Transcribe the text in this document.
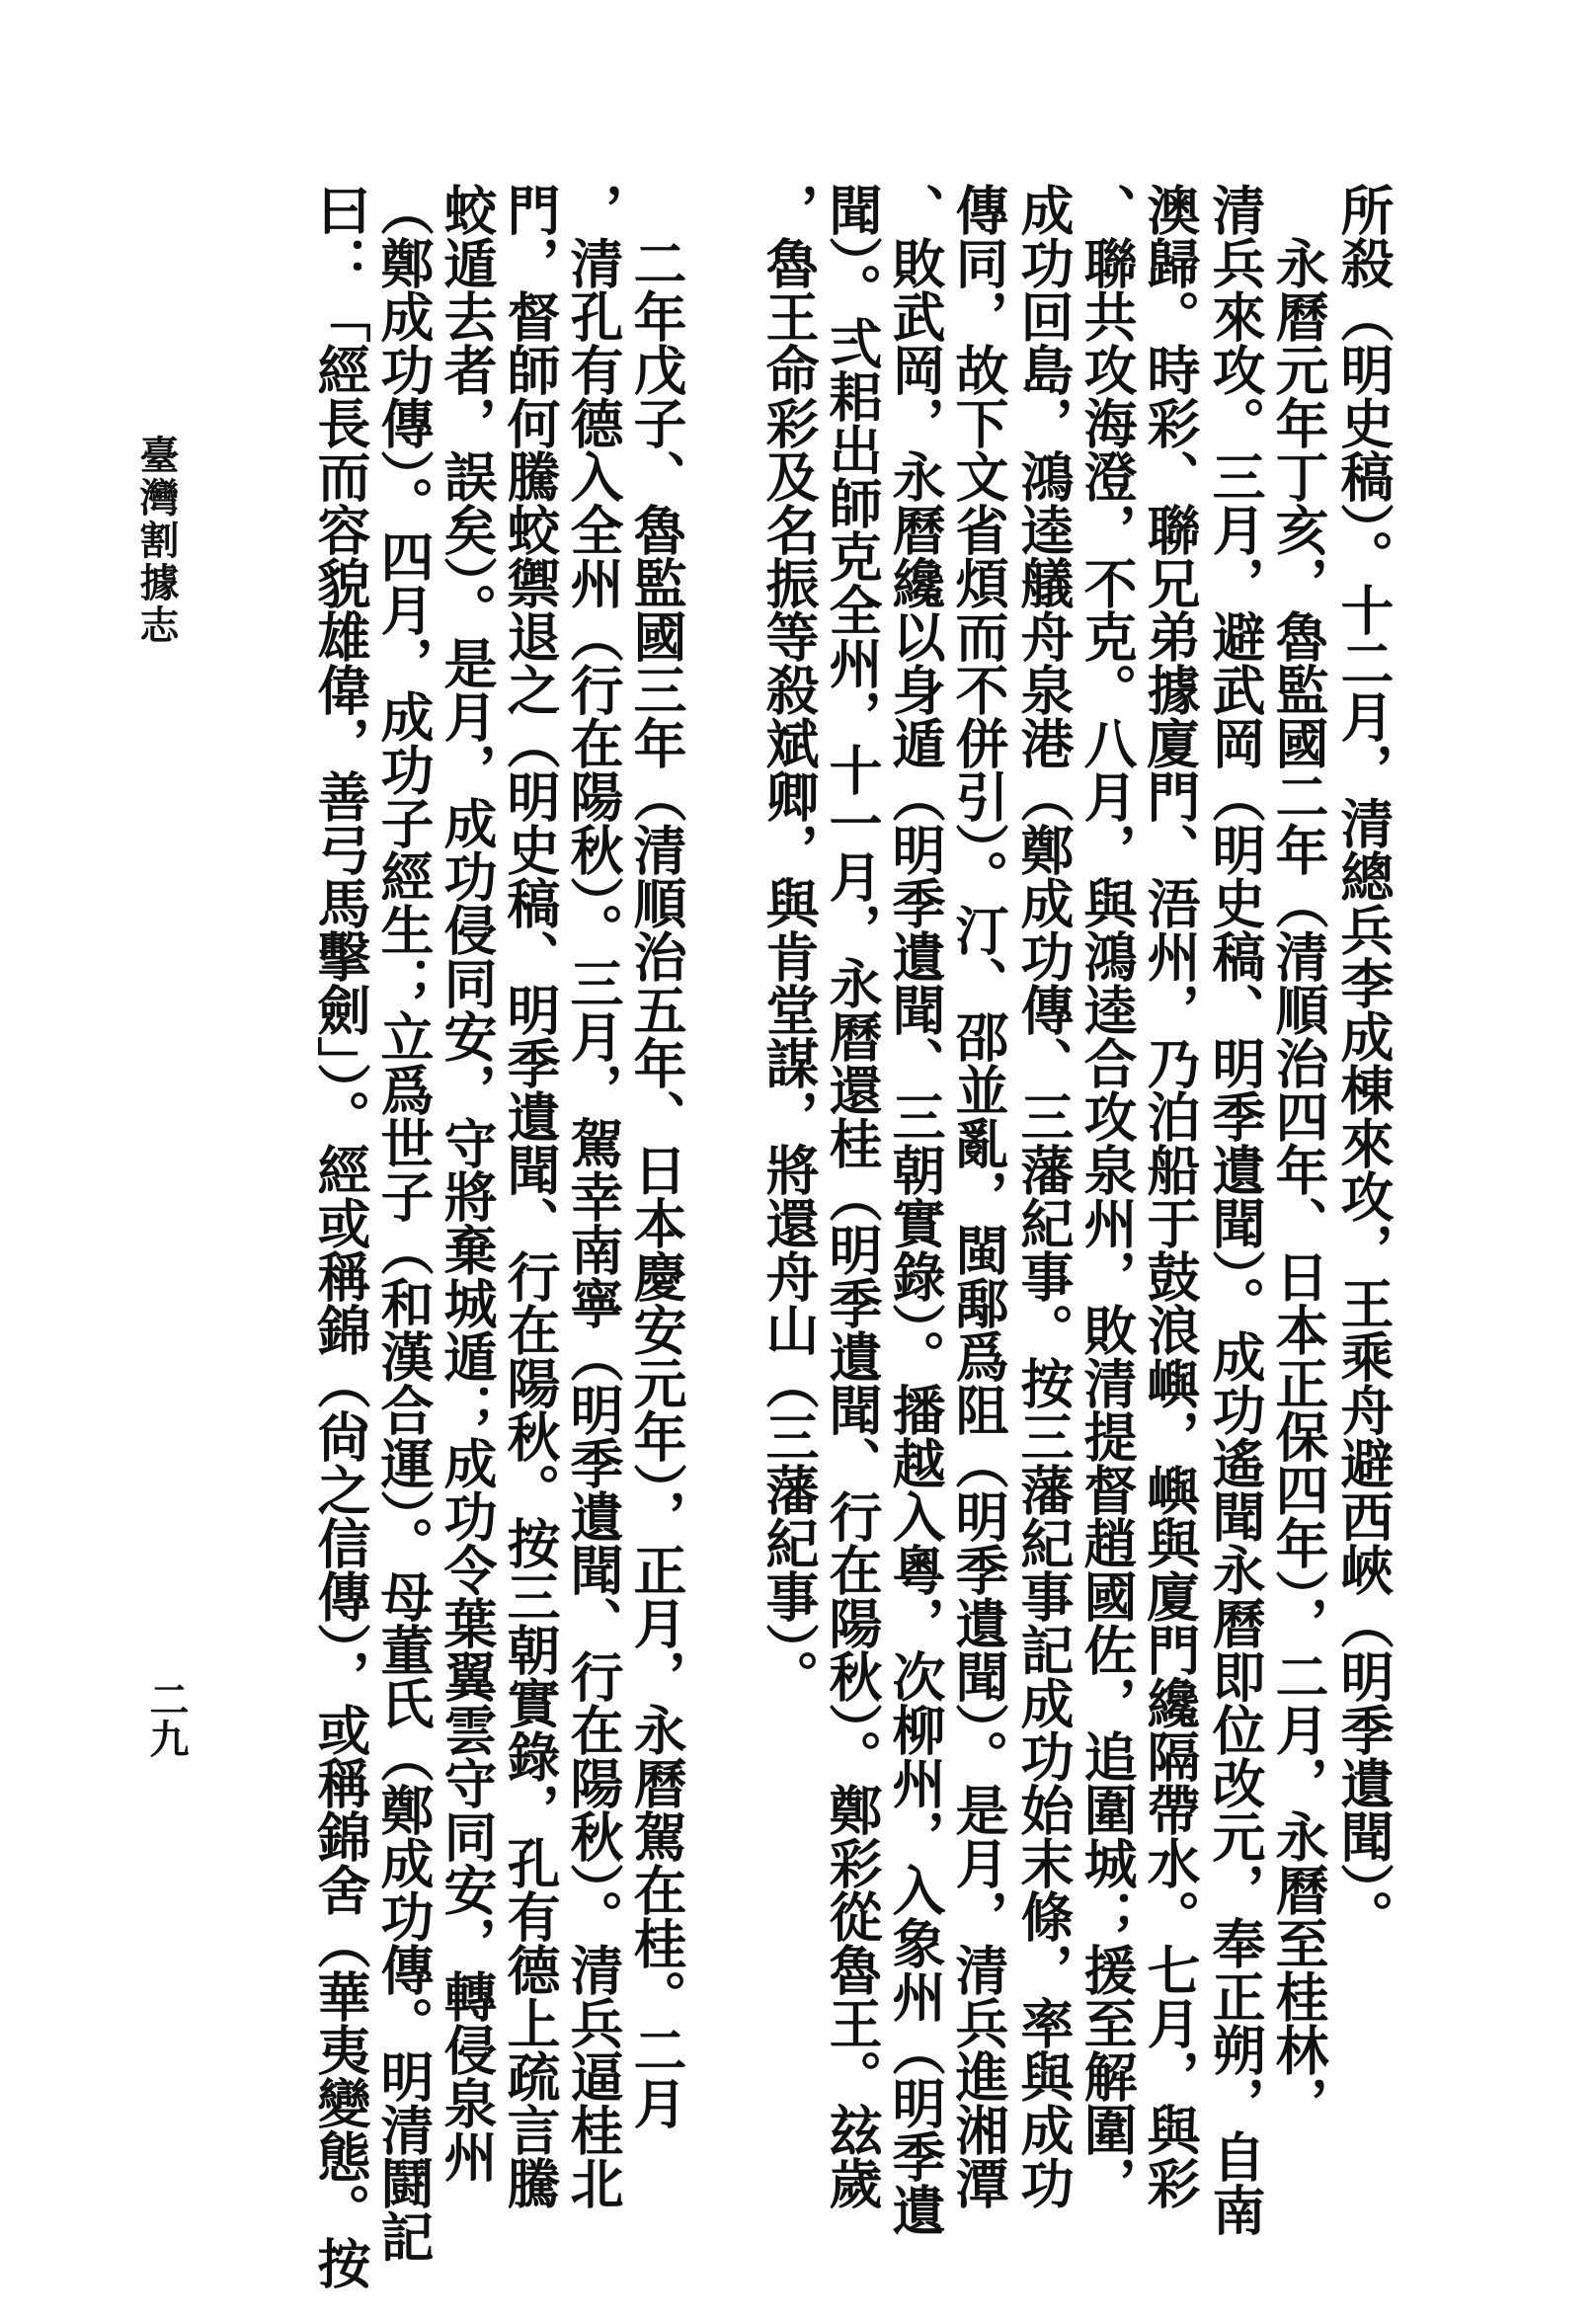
所殺（明史稿）。十二月，清總兵李成棟來攻，王乘舟避西峽（明季遺聞）。
　永曆元年丁亥，魯監國二年（清順治四年、日本正保四年），二月，永曆至桂林，
清兵來攻。三月，避武岡（明史稿、明季遺聞）。成功遙聞永曆即位改元，奉正朔，自南
澳歸。時彩、聯兄弟據廈門、浯州，乃泊船于鼓浪嶼，嶼與廈門纔隔帶水。七月，與彩
、聯共攻海澄，不克。八月，與鴻逵合攻泉州，敗清提督趙國佐，追圍城；援至解圍，
成功回島，鴻逵艤舟泉港（鄭成功傳、三藩紀事。按三藩紀事記成功始末條，率與成功
傳同，故下文省煩而不併引）。汀、邵並亂，閩鄅爲阻（明季遺聞）。是月，清兵進湘潭
、敗武岡，永曆纔以身遁（明季遺聞、三朝實錄）。播越入粵，次柳州，入象州（明季遺
聞）。弍耜出師克全州，十一月，永曆還桂（明季遺聞、行在陽秋）。鄭彩從魯王。玆歲
，魯王命彩及名振等殺斌卿，與肯堂謀，將還舟山（三藩紀事）。
　二年戊子、魯監國三年（清順治五年、日本慶安元年），正月，永曆駕在桂。二月
，清孔有德入全州（行在陽秋）。三月，駕幸南寧（明季遺聞、行在陽秋）。清兵逼桂北
門，督師何騰蛟禦退之（明史稿、明季遺聞、行在陽秋。按三朝實錄，孔有德上疏言騰
蛟遁去者，誤矣）。是月，成功侵同安，守將棄城遁；成功令葉翼雲守同安，轉侵泉州
（鄭成功傳）。四月，成功子經生；立爲世子（和漢合運）。母董氏（鄭成功傳。明清鬪記
曰：「經長而容貌雄偉，善弓馬擊劍」）。經或稱錦（尙之信傳），或稱錦舍（華夷變態。按
臺灣割據志
二九
